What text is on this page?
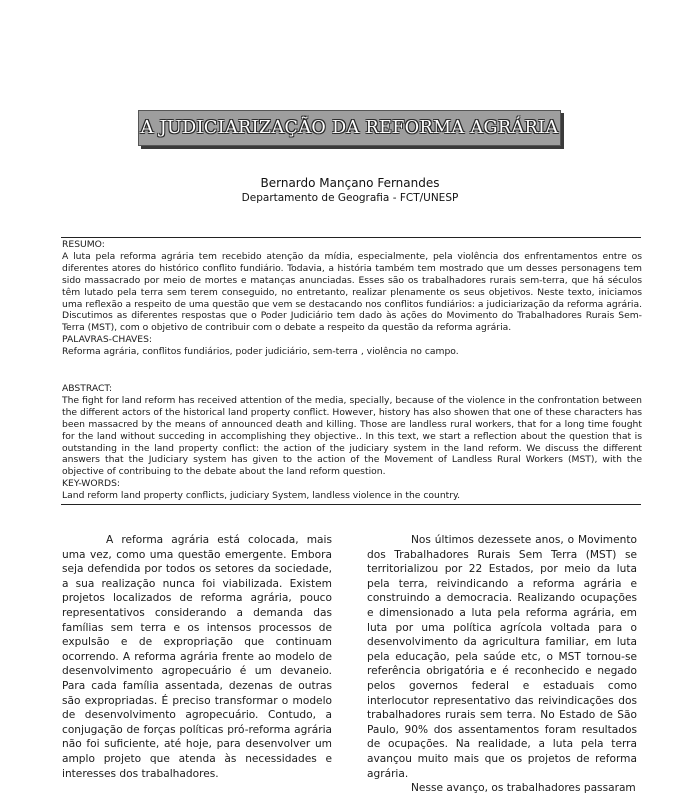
A JUDICIARIZAÇÃO DA REFORMA AGRÁRIA
Bernardo Mançano Fernandes
Departamento de Geografia - FCT/UNESP
RESUMO:
A luta pela reforma agrária tem recebido atenção da mídia, especialmente, pela violência dos enfrentamentos entre os diferentes atores do histórico conflito fundiário. Todavia, a história também tem mostrado que um desses personagens tem sido massacrado por meio de mortes e matanças anunciadas. Esses são os trabalhadores rurais sem-terra, que há séculos têm lutado pela terra sem terem conseguido, no entretanto, realizar plenamente os seus objetivos. Neste texto, iniciamos uma reflexão a respeito de uma questão que vem se destacando nos conflitos fundiários: a judiciarização da reforma agrária. Discutimos as diferentes respostas que o Poder Judiciário tem dado às ações do Movimento do Trabalhadores Rurais Sem-Terra (MST), com o objetivo de contribuir com o debate a respeito da questão da reforma agrária.
PALAVRAS-CHAVES:
Reforma agrária, conflitos fundiários, poder judiciário, sem-terra , violência no campo.
ABSTRACT:
The fight for land reform has received attention of the media, specially, because of the violence in the confrontation between the different actors of the historical land property conflict. However, history has also showen that one of these characters has been massacred by the means of announced death and killing. Those are landless rural workers, that for a long time fought for the land without succeding in accomplishing they objective.. In this text, we start a reflection about the question that is outstanding in the land property conflict: the action of the judiciary system in the land reform. We discuss the different answers that the Judiciary system has given to the action of the Movement of Landless Rural Workers (MST), with the objective of contribuing to the debate about the land reform question.
KEY-WORDS:
Land reform land property conflicts, judiciary System, landless violence in the country.

A reforma agrária está colocada, mais uma vez, como uma questão emergente. Embora seja defendida por todos os setores da sociedade, a sua realização nunca foi viabilizada. Existem projetos localizados de reforma agrária, pouco representativos considerando a demanda das famílias sem terra e os intensos processos de expulsão e de expropriação que continuam ocorrendo. A reforma agrária frente ao modelo de desenvolvimento agropecuário é um devaneio. Para cada família assentada, dezenas de outras são expropriadas. É preciso transformar o modelo de desenvolvimento agropecuário. Contudo, a conjugação de forças políticas pró-reforma agrária não foi suficiente, até hoje, para desenvolver um amplo projeto que atenda às necessidades e interesses dos trabalhadores.

Nos últimos dezessete anos, o Movimento dos Trabalhadores Rurais Sem Terra (MST) se territorializou por 22 Estados, por meio da luta pela terra, reivindicando a reforma agrária e construindo a democracia. Realizando ocupações e dimensionado a luta pela reforma agrária, em luta por uma política agrícola voltada para o desenvolvimento da agricultura familiar, em luta pela educação, pela saúde etc, o MST tornou-se referência obrigatória e é reconhecido e negado pelos governos federal e estaduais como interlocutor representativo das reivindicações dos trabalhadores rurais sem terra. No Estado de São Paulo, 90% dos assentamentos foram resultados de ocupações. Na realidade, a luta pela terra avançou muito mais que os projetos de reforma agrária.

Nesse avanço, os trabalhadores passaram
